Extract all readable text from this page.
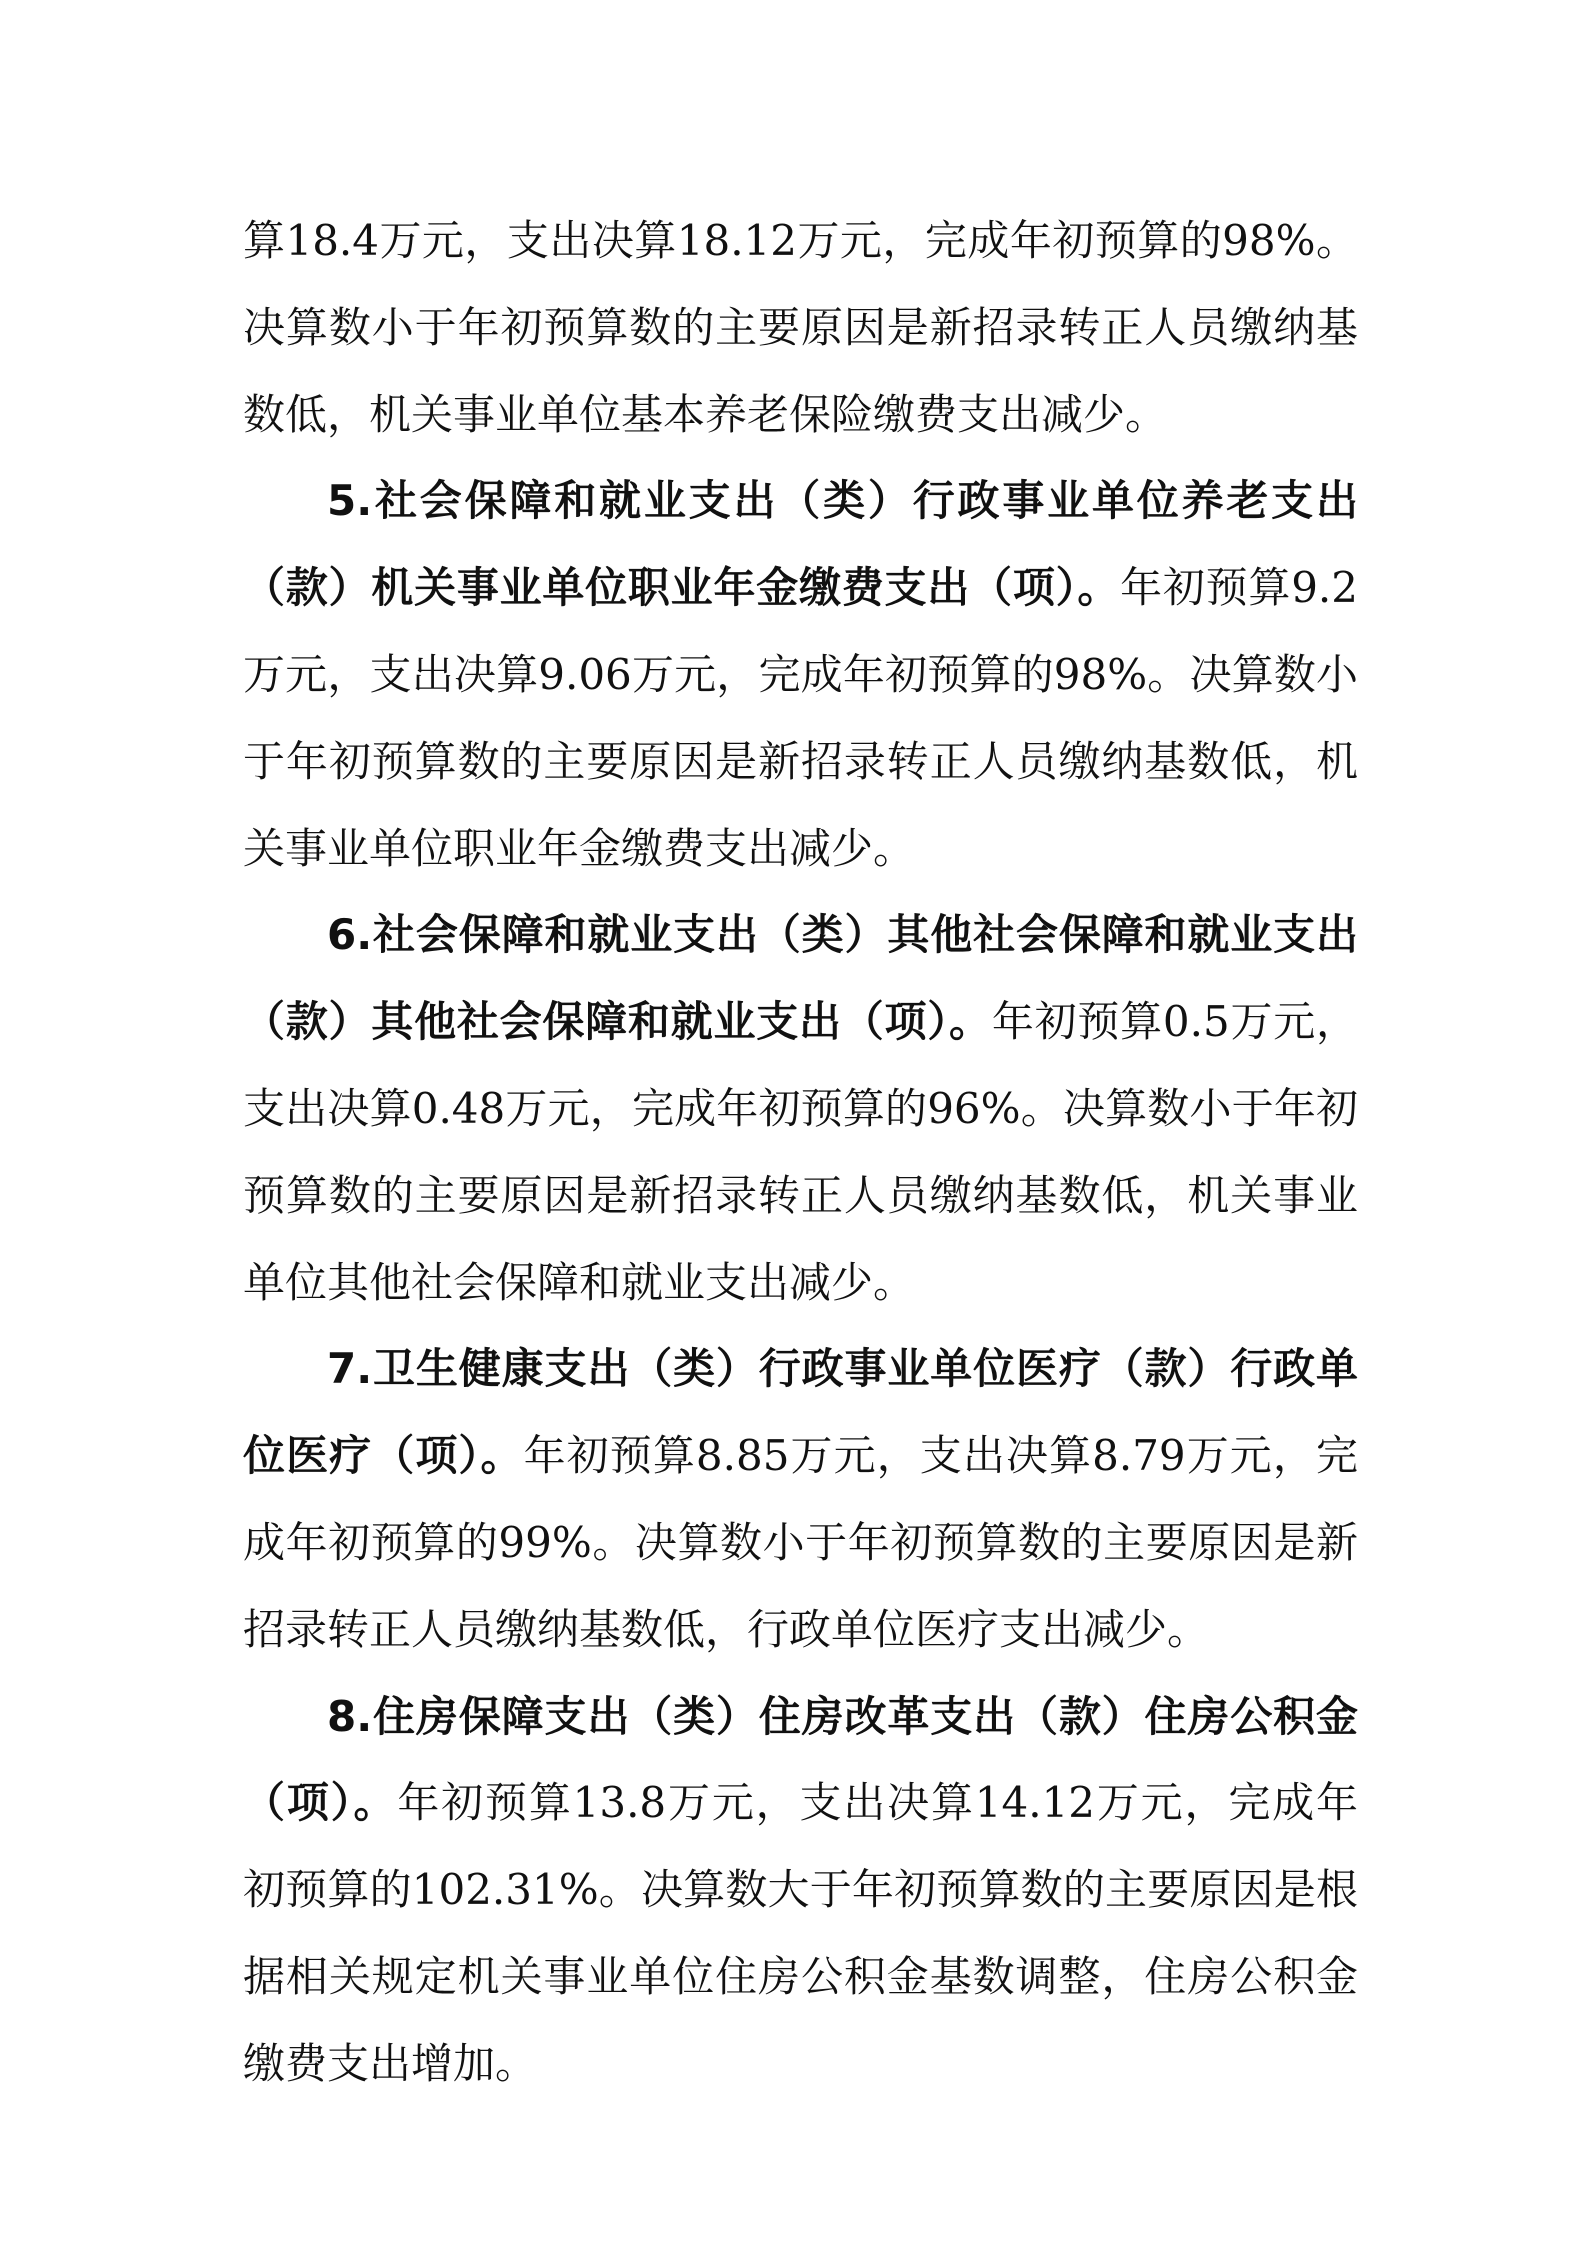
算18.4万元，支出决算18.12万元，完成年初预算的98%。决算数小于年初预算数的主要原因是新招录转正人员缴纳基数低，机关事业单位基本养老保险缴费支出减少。

5.社会保障和就业支出（类）行政事业单位养老支出（款）机关事业单位职业年金缴费支出（项）。年初预算9.2万元，支出决算9.06万元，完成年初预算的98%。决算数小于年初预算数的主要原因是新招录转正人员缴纳基数低，机关事业单位职业年金缴费支出减少。

6.社会保障和就业支出（类）其他社会保障和就业支出（款）其他社会保障和就业支出（项）。年初预算0.5万元，支出决算0.48万元，完成年初预算的96%。决算数小于年初预算数的主要原因是新招录转正人员缴纳基数低，机关事业单位其他社会保障和就业支出减少。

7.卫生健康支出（类）行政事业单位医疗（款）行政单位医疗（项）。年初预算8.85万元，支出决算8.79万元，完成年初预算的99%。决算数小于年初预算数的主要原因是新招录转正人员缴纳基数低，行政单位医疗支出减少。

8.住房保障支出（类）住房改革支出（款）住房公积金（项）。年初预算13.8万元，支出决算14.12万元，完成年初预算的102.31%。决算数大于年初预算数的主要原因是根据相关规定机关事业单位住房公积金基数调整，住房公积金缴费支出增加。
